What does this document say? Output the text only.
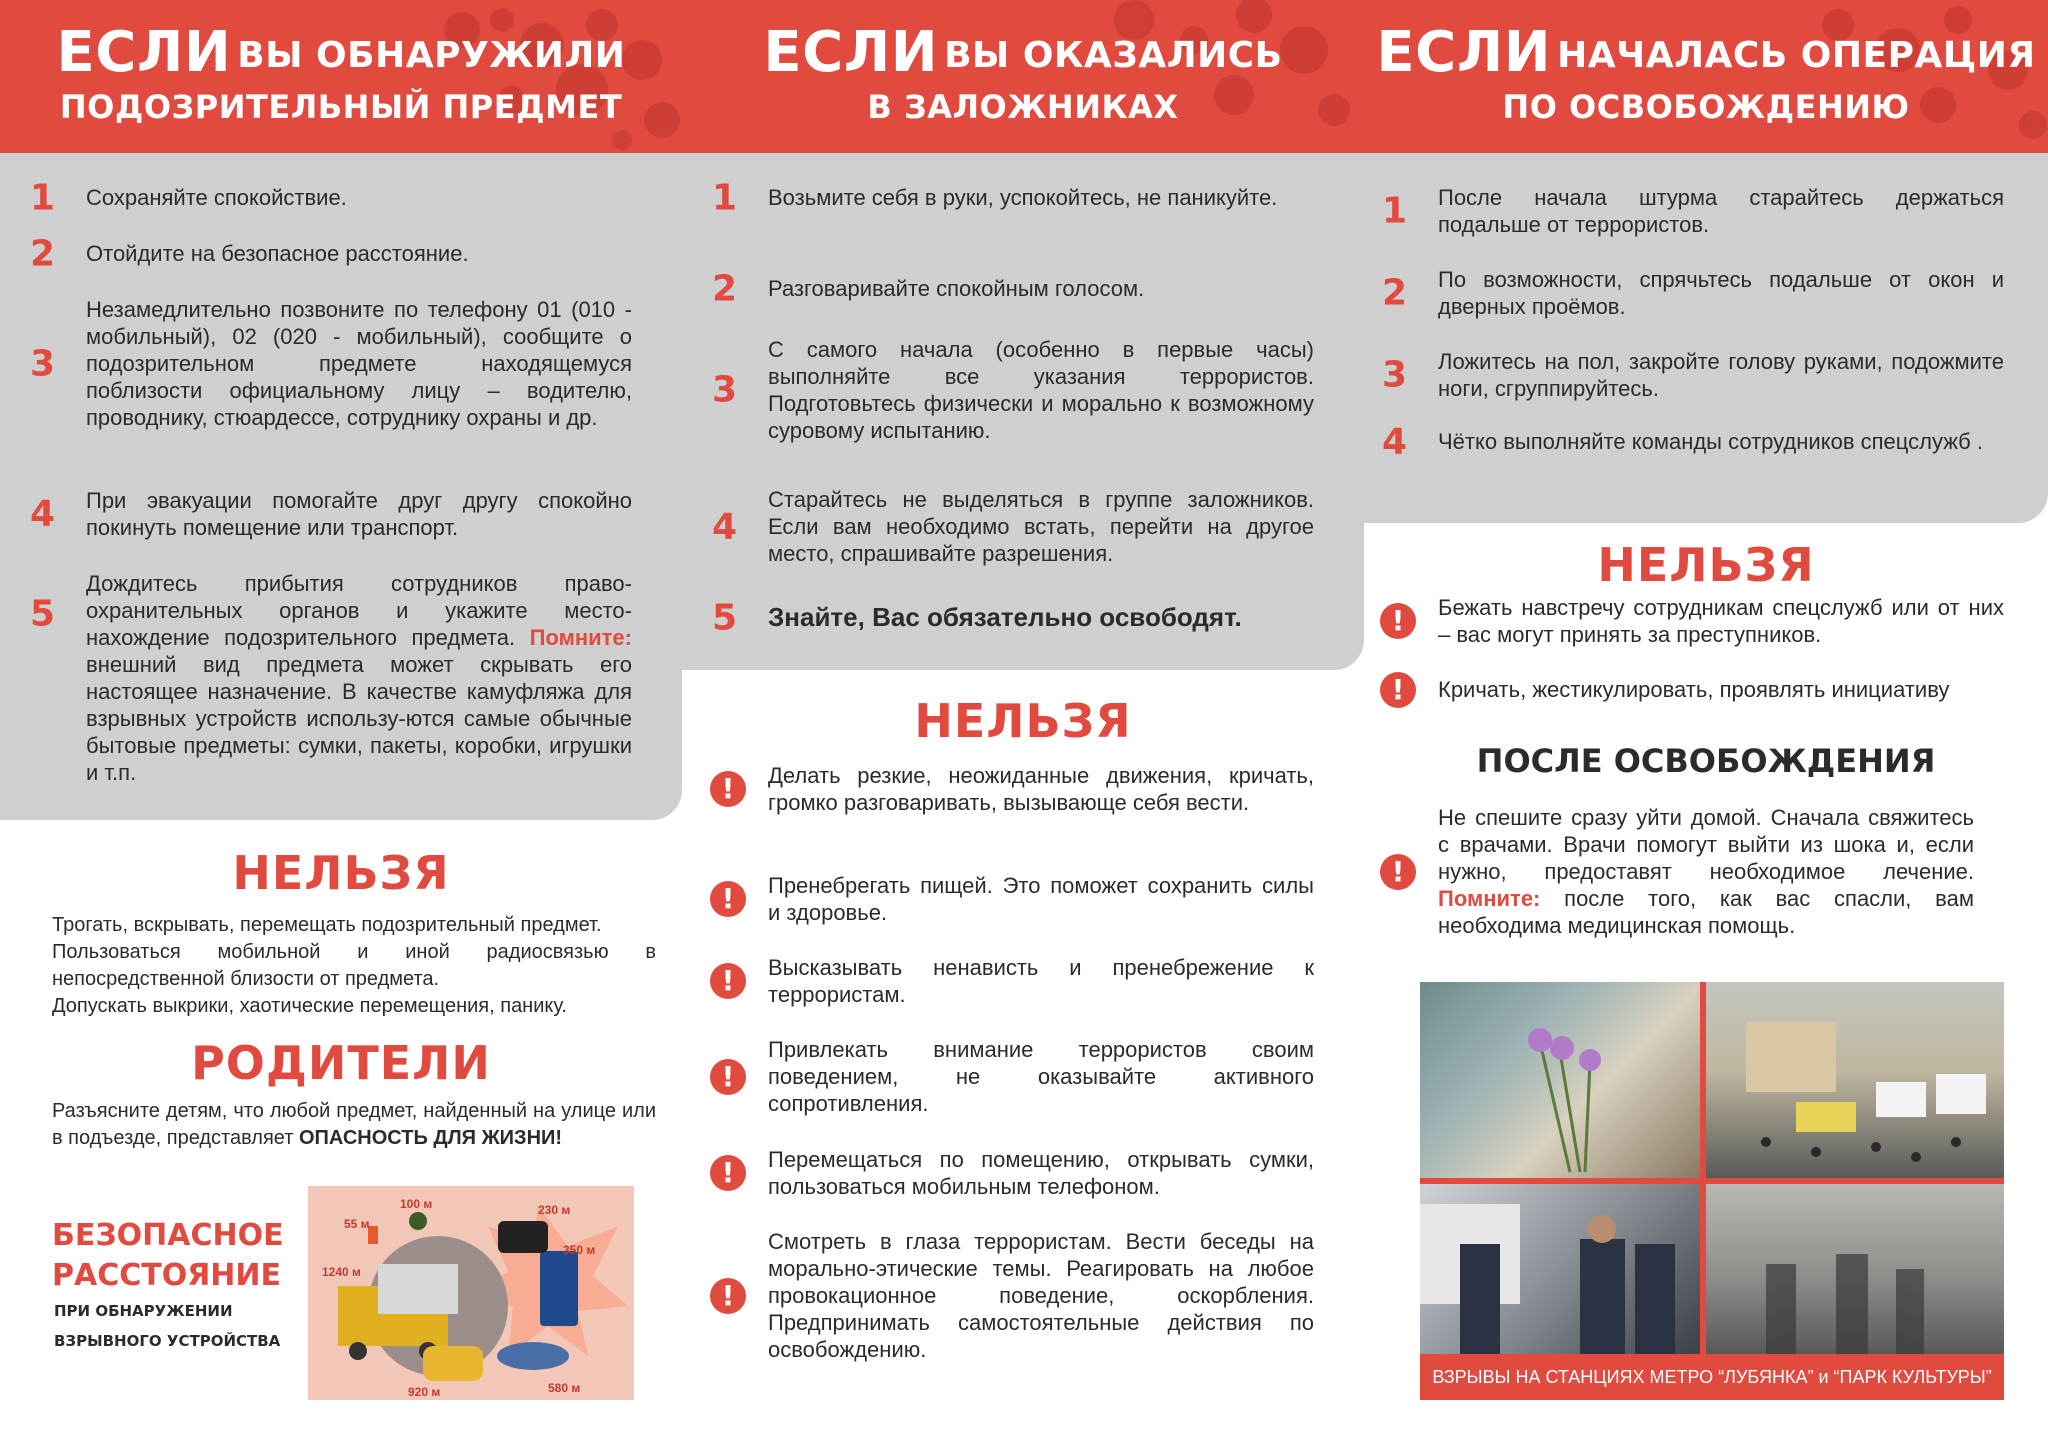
ЕСЛИ ВЫ ОБНАРУЖИЛИ
ПОДОЗРИТЕЛЬНЫЙ ПРЕДМЕТ
1 Сохраняйте спокойствие.
2 Отойдите на безопасное расстояние.
3
Незамедлительно позвоните по телефону 01 (010 - мобильный), 02 (020 - мобильный), сообщите о подозрительном предмете находящемуся поблизости официальному лицу – водителю, проводнику, стюардессе, сотруднику охраны и др.
4 При эвакуации помогайте друг другу спокойно покинуть помещение или транспорт.
5
Дождитесь прибытия сотрудников право-охранительных органов и укажите место-нахождение подозрительного предмета. Помните: внешний вид предмета может скрывать его настоящее назначение. В качестве камуфляжа для взрывных устройств использу-ются самые обычные бытовые предметы: сумки, пакеты, коробки, игрушки и т.п.
НЕЛЬЗЯ
Трогать, вскрывать, перемещать подозрительный предмет.
Пользоваться мобильной и иной радиосвязью в непосредственной близости от предмета.
Допускать выкрики, хаотические перемещения, панику.
РОДИТЕЛИ
Разъясните детям, что любой предмет, найденный на улице или в подъезде, представляет ОПАСНОСТЬ ДЛЯ ЖИЗНИ!
БЕЗОПАСНОЕ
РАССТОЯНИЕ
ПРИ ОБНАРУЖЕНИИ
ВЗРЫВНОГО УСТРОЙСТВА
55 м
100 м	230 м
350 м
1240 м
920 м	580 м
ЕСЛИ ВЫ ОКАЗАЛИСЬ
В ЗАЛОЖНИКАХ
1 Возьмите себя в руки, успокойтесь, не паникуйте.
2 Разговаривайте спокойным голосом.
3
С самого начала (особенно в первые часы) выполняйте все указания террористов. Подготовьтесь физически и морально к возможному суровому испытанию.
4
Старайтесь не выделяться в группе заложников. Если вам необходимо встать, перейти на другое место, спрашивайте разрешения.
5 Знайте, Вас обязательно освободят.
НЕЛЬЗЯ
!	Делать резкие, неожиданные движения, кричать, громко разговаривать, вызывающе себя вести.
!	Пренебрегать пищей. Это поможет сохранить силы и здоровье.
!	Высказывать ненависть и пренебрежение к террористам.
!
Привлекать внимание террористов своим поведением, не оказывайте активного сопротивления.
!	Перемещаться по помещению, открывать сумки, пользоваться мобильным телефоном.
!
Смотреть в глаза террористам. Вести беседы на морально-этические темы. Реагировать на любое провокационное поведение, оскорбления. Предпринимать самостоятельные действия по освобождению.
ЕСЛИ НАЧАЛАСЬ ОПЕРАЦИЯ
ПО ОСВОБОЖДЕНИЮ
1 После начала штурма старайтесь держаться подальше от террористов.
2 По возможности, спрячьтесь подальше от окон и дверных проёмов.
3 Ложитесь на пол, закройте голову руками, подожмите ноги, сгруппируйтесь.
4 Чётко выполняйте команды сотрудников спецслужб .
НЕЛЬЗЯ
!	Бежать навстречу сотрудникам спецслужб или от них – вас могут принять за преступников.
!	Кричать, жестикулировать, проявлять инициативу
ПОСЛЕ ОСВОБОЖДЕНИЯ
!
Не спешите сразу уйти домой. Сначала свяжитесь с врачами. Врачи помогут выйти из шока и, если нужно, предоставят необходимое лечение. Помните: после того, как вас спасли, вам необходима медицинская помощь.
ВЗРЫВЫ НА СТАНЦИЯХ МЕТРО “ЛУБЯНКА” и “ПАРК КУЛЬТУРЫ”
